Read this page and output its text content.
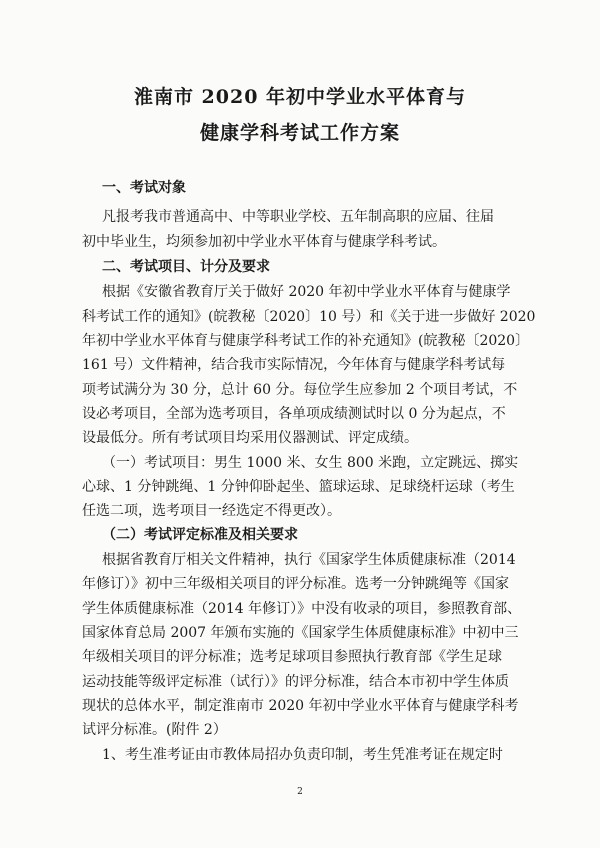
淮南市 2020 年初中学业水平体育与
健康学科考试工作方案
一、考试对象
凡报考我市普通高中、中等职业学校、五年制高职的应届、往届
初中毕业生，均须参加初中学业水平体育与健康学科考试。
二、考试项目、计分及要求
根据《安徽省教育厅关于做好 2020 年初中学业水平体育与健康学
科考试工作的通知》(皖教秘〔2020〕10 号）和《关于进一步做好 2020
年初中学业水平体育与健康学科考试工作的补充通知》(皖教秘〔2020〕
161 号）文件精神，结合我市实际情况，今年体育与健康学科考试每
项考试满分为 30 分，总计 60 分。每位学生应参加 2 个项目考试，不
设必考项目，全部为选考项目，各单项成绩测试时以 0 分为起点，不
设最低分。所有考试项目均采用仪器测试、评定成绩。
（一）考试项目：男生 1000 米、女生 800 米跑，立定跳远、掷实
心球、1 分钟跳绳、1 分钟仰卧起坐、篮球运球、足球绕杆运球（考生
任选二项，选考项目一经选定不得更改）。
（二）考试评定标准及相关要求
根据省教育厅相关文件精神，执行《国家学生体质健康标准（2014
年修订）》初中三年级相关项目的评分标准。选考一分钟跳绳等《国家
学生体质健康标准（2014 年修订）》中没有收录的项目，参照教育部、
国家体育总局 2007 年颁布实施的《国家学生体质健康标准》中初中三
年级相关项目的评分标准；选考足球项目参照执行教育部《学生足球
运动技能等级评定标准（试行）》的评分标准，结合本市初中学生体质
现状的总体水平，制定淮南市 2020 年初中学业水平体育与健康学科考
试评分标准。(附件 2）
1、考生准考证由市教体局招办负责印制，考生凭准考证在规定时
2
